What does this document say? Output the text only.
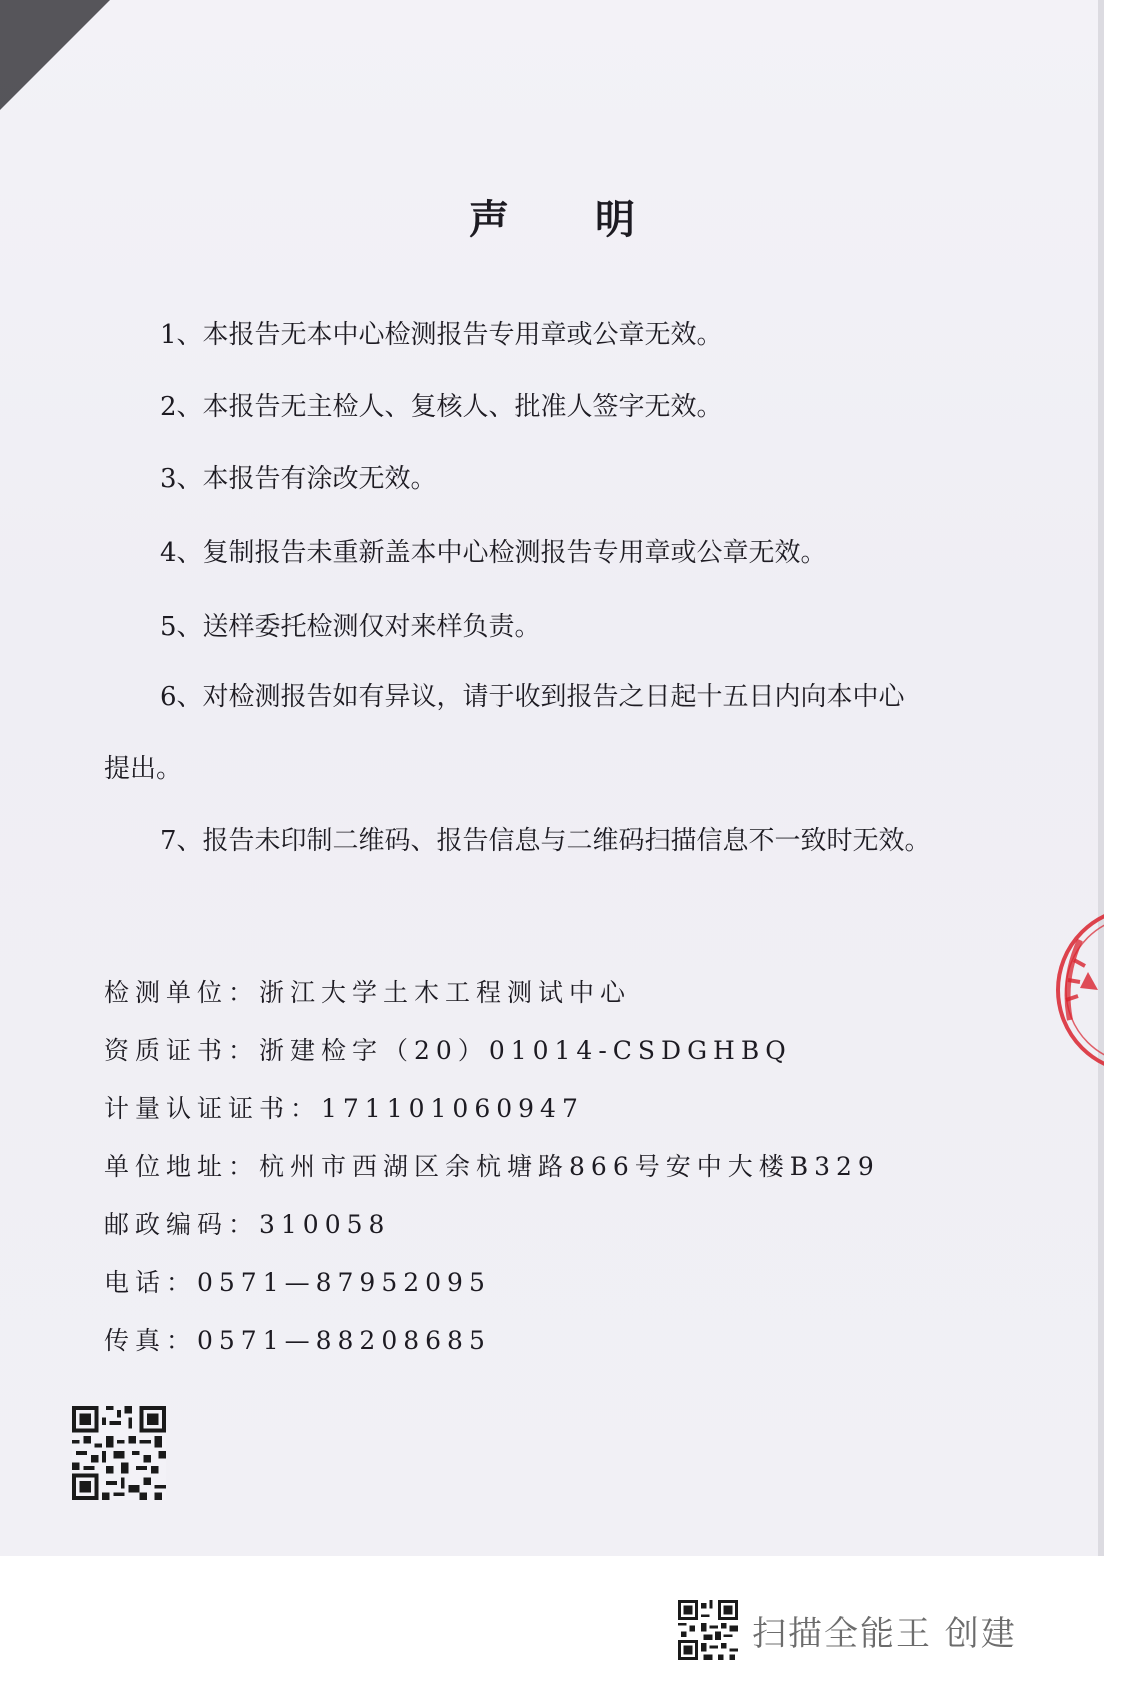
声 明
1、本报告无本中心检测报告专用章或公章无效。
2、本报告无主检人、复核人、批准人签字无效。
3、本报告有涂改无效。
4、复制报告未重新盖本中心检测报告专用章或公章无效。
5、送样委托检测仅对来样负责。
6、对检测报告如有异议，请于收到报告之日起十五日内向本中心
提出。
7、报告未印制二维码、报告信息与二维码扫描信息不一致时无效。
检测单位：浙江大学土木工程测试中心
资质证书：浙建检字（20）01014-CSDGHBQ
计量认证证书：171101060947
单位地址：杭州市西湖区余杭塘路866号安中大楼B329
邮政编码：310058
电话：0571—87952095
传真：0571—88208685
扫描全能王 创建
